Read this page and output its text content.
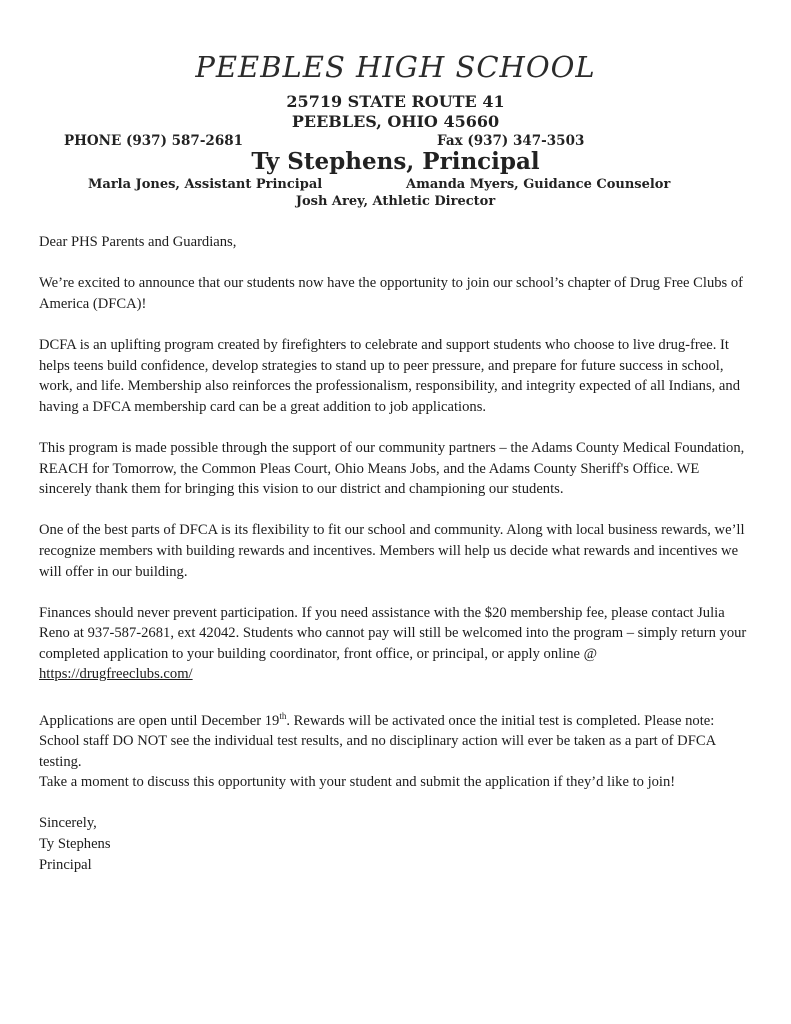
PEEBLES HIGH SCHOOL
25719 STATE ROUTE 41
PEEBLES, OHIO 45660
PHONE (937) 587-2681	Fax (937) 347-3503
Ty Stephens, Principal
Marla Jones, Assistant Principal	Amanda Myers, Guidance Counselor
Josh Arey, Athletic Director

Dear PHS Parents and Guardians,

We’re excited to announce that our students now have the opportunity to join our school’s chapter of Drug Free Clubs of America (DFCA)!

DCFA is an uplifting program created by firefighters to celebrate and support students who choose to live drug-free. It helps teens build confidence, develop strategies to stand up to peer pressure, and prepare for future success in school, work, and life. Membership also reinforces the professionalism, responsibility, and integrity expected of all Indians, and having a DFCA membership card can be a great addition to job applications.

This program is made possible through the support of our community partners – the Adams County Medical Foundation, REACH for Tomorrow, the Common Pleas Court, Ohio Means Jobs, and the Adams County Sheriff's Office. WE sincerely thank them for bringing this vision to our district and championing our students.

One of the best parts of DFCA is its flexibility to fit our school and community. Along with local business rewards, we’ll recognize members with building rewards and incentives. Members will help us decide what rewards and incentives we will offer in our building.

Finances should never prevent participation. If you need assistance with the $20 membership fee, please contact Julia Reno at 937-587-2681, ext 42042. Students who cannot pay will still be welcomed into the program – simply return your completed application to your building coordinator, front office, or principal, or apply online @ https://drugfreeclubs.com/

Applications are open until December 19th. Rewards will be activated once the initial test is completed. Please note: School staff DO NOT see the individual test results, and no disciplinary action will ever be taken as a part of DFCA testing.

Take a moment to discuss this opportunity with your student and submit the application if they’d like to join!

Sincerely,
Ty Stephens
Principal
